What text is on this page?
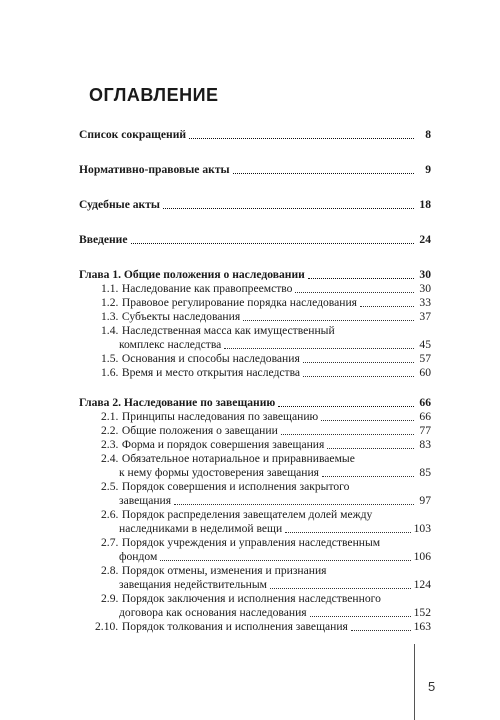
ОГЛАВЛЕНИЕ
Список сокращений	8
Нормативно-правовые акты	9
Судебные акты	18
Введение	24
Глава 1. Общие положения о наследовании	30
1.1. Наследование как правопреемство	30
1.2. Правовое регулирование порядка наследования	33
1.3. Субъекты наследования	37
1.4. Наследственная масса как имущественный
комплекс наследства	45
1.5. Основания и способы наследования	57
1.6. Время и место открытия наследства	60
Глава 2. Наследование по завещанию	66
2.1. Принципы наследования по завещанию	66
2.2. Общие положения о завещании	77
2.3. Форма и порядок совершения завещания	83
2.4. Обязательное нотариальное и приравниваемые
к нему формы удостоверения завещания	85
2.5. Порядок совершения и исполнения закрытого
завещания	97
2.6. Порядок распределения завещателем долей между
наследниками в неделимой вещи	103
2.7. Порядок учреждения и управления наследственным
фондом	106
2.8. Порядок отмены, изменения и признания
завещания недействительным	124
2.9. Порядок заключения и исполнения наследственного
договора как основания наследования	152
2.10. Порядок толкования и исполнения завещания	163
5
